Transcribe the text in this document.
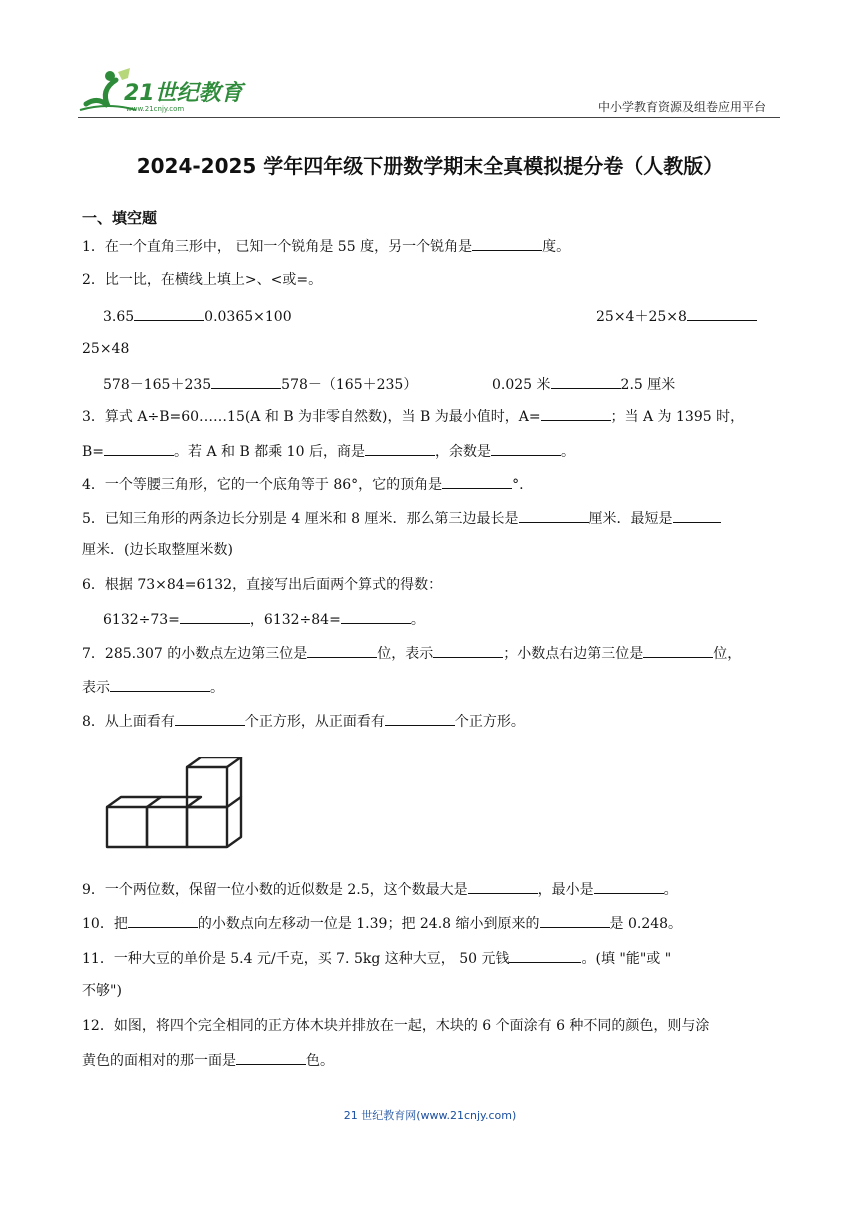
21世纪教育
www.21cnjy.com	中小学教育资源及组卷应用平台
2024-2025 学年四年级下册数学期末全真模拟提分卷（人教版）
一、填空题
1．在一个直角三形中， 已知一个锐角是 55 度，另一个锐角是	度。
2．比一比，在横线上填上>、<或=。
3.65	0.0365×100	25×4＋25×8
25×48
578－165＋235	578－（165＋235）	0.025 米	2.5 厘米
3．算式 A÷B=60……15(A 和 B 为非零自然数)，当 B 为最小值时，A=	；当 A 为 1395 时，
B=	。若 A 和 B 都乘 10 后，商是	，余数是	。
4．一个等腰三角形，它的一个底角等于 86°，它的顶角是	°.
5．已知三角形的两条边长分别是 4 厘米和 8 厘米．那么第三边最长是	厘米．最短是
厘米．(边长取整厘米数)
6．根据 73×84=6132，直接写出后面两个算式的得数：
6132÷73=	，6132÷84=	。
7．285.307 的小数点左边第三位是	位，表示	；小数点右边第三位是	位，
表示	。
8．从上面看有	个正方形，从正面看有	个正方形。
9．一个两位数，保留一位小数的近似数是 2.5，这个数最大是	，最小是	。
10．把	的小数点向左移动一位是 1.39；把 24.8 缩小到原来的	是 0.248。
11．一种大豆的单价是 5.4 元/千克，买 7. 5kg 这种大豆， 50 元钱	。(填 "能"或 "
不够")
12．如图，将四个完全相同的正方体木块并排放在一起，木块的 6 个面涂有 6 种不同的颜色，则与涂
黄色的面相对的那一面是	色。
21 世纪教育网(www.21cnjy.com)
